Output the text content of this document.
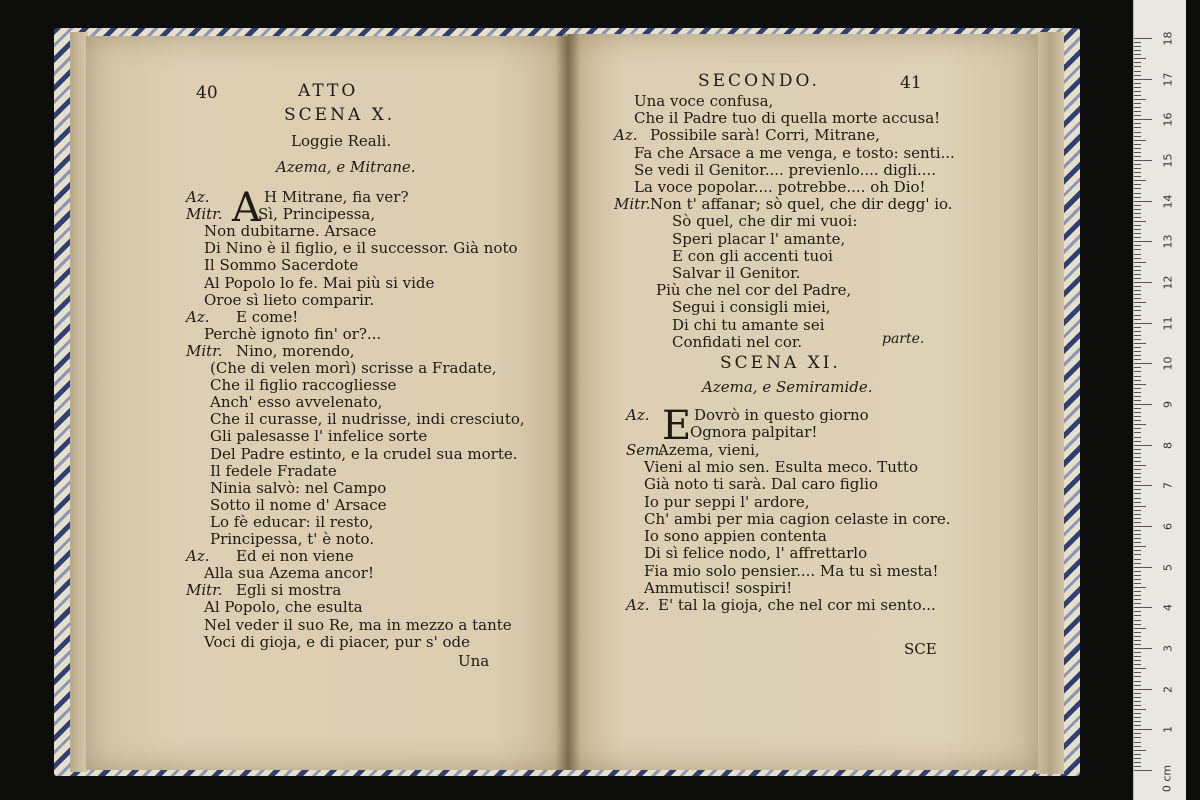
40	ATTO
SCENA X.
Loggie Reali.
Azema, e Mitrane.
A
Az.	H Mitrane, fia ver?
Mitr. Sì, Principessa,
Non dubitarne. Arsace
Di Nino è il figlio, e il successor. Già noto
Il Sommo Sacerdote
Al Popolo lo fe. Mai più si vide
Oroe sì lieto comparir.
Az. E come!
Perchè ignoto fin' or?...
Mitr. Nino, morendo,
(Che di velen morì) scrisse a Fradate,
Che il figlio raccogliesse
Anch' esso avvelenato,
Che il curasse, il nudrisse, indi cresciuto,
Gli palesasse l' infelice sorte
Del Padre estinto, e la crudel sua morte.
Il fedele Fradate
Ninia salvò: nel Campo
Sotto il nome d' Arsace
Lo fè educar: il resto,
Principessa, t' è noto.
Az. Ed ei non viene
Alla sua Azema ancor!
Mitr. Egli si mostra
Al Popolo, che esulta
Nel veder il suo Re, ma in mezzo a tante
Voci di gioja, e di piacer, pur s' ode
Una
SECONDO.	41
Una voce confusa,
Che il Padre tuo di quella morte accusa!
Az. Possibile sarà! Corri, Mitrane,
Fa che Arsace a me venga, e tosto: senti...
Se vedi il Genitor.... previenlo.... digli....
La voce popolar.... potrebbe.... oh Dio!
Mitr. Non t' affanar; sò quel, che dir degg' io.
Sò quel, che dir mi vuoi:
Speri placar l' amante,
E con gli accenti tuoi
Salvar il Genitor.
Più che nel cor del Padre,
Segui i consigli miei,
Di chi tu amante sei
Confidati nel cor.	parte.
SCENA XI.
Azema, e Semiramide.
E
Az.	Dovrò in questo giorno
Ognora palpitar!
Sem.
Azema, vieni,
Vieni al mio sen. Esulta meco. Tutto
Già noto ti sarà. Dal caro figlio
Io pur seppi l' ardore,
Ch' ambi per mia cagion celaste in core.
Io sono appien contenta
Di sì felice nodo, l' affrettarlo
Fia mio solo pensier.... Ma tu sì mesta!
Ammutisci! sospiri!
Az. E' tal la gioja, che nel cor mi sento...
SCE
18
17
16
15
14
13
12
11
10
9
8
7
6
5
4
3
2
1
0 cm
